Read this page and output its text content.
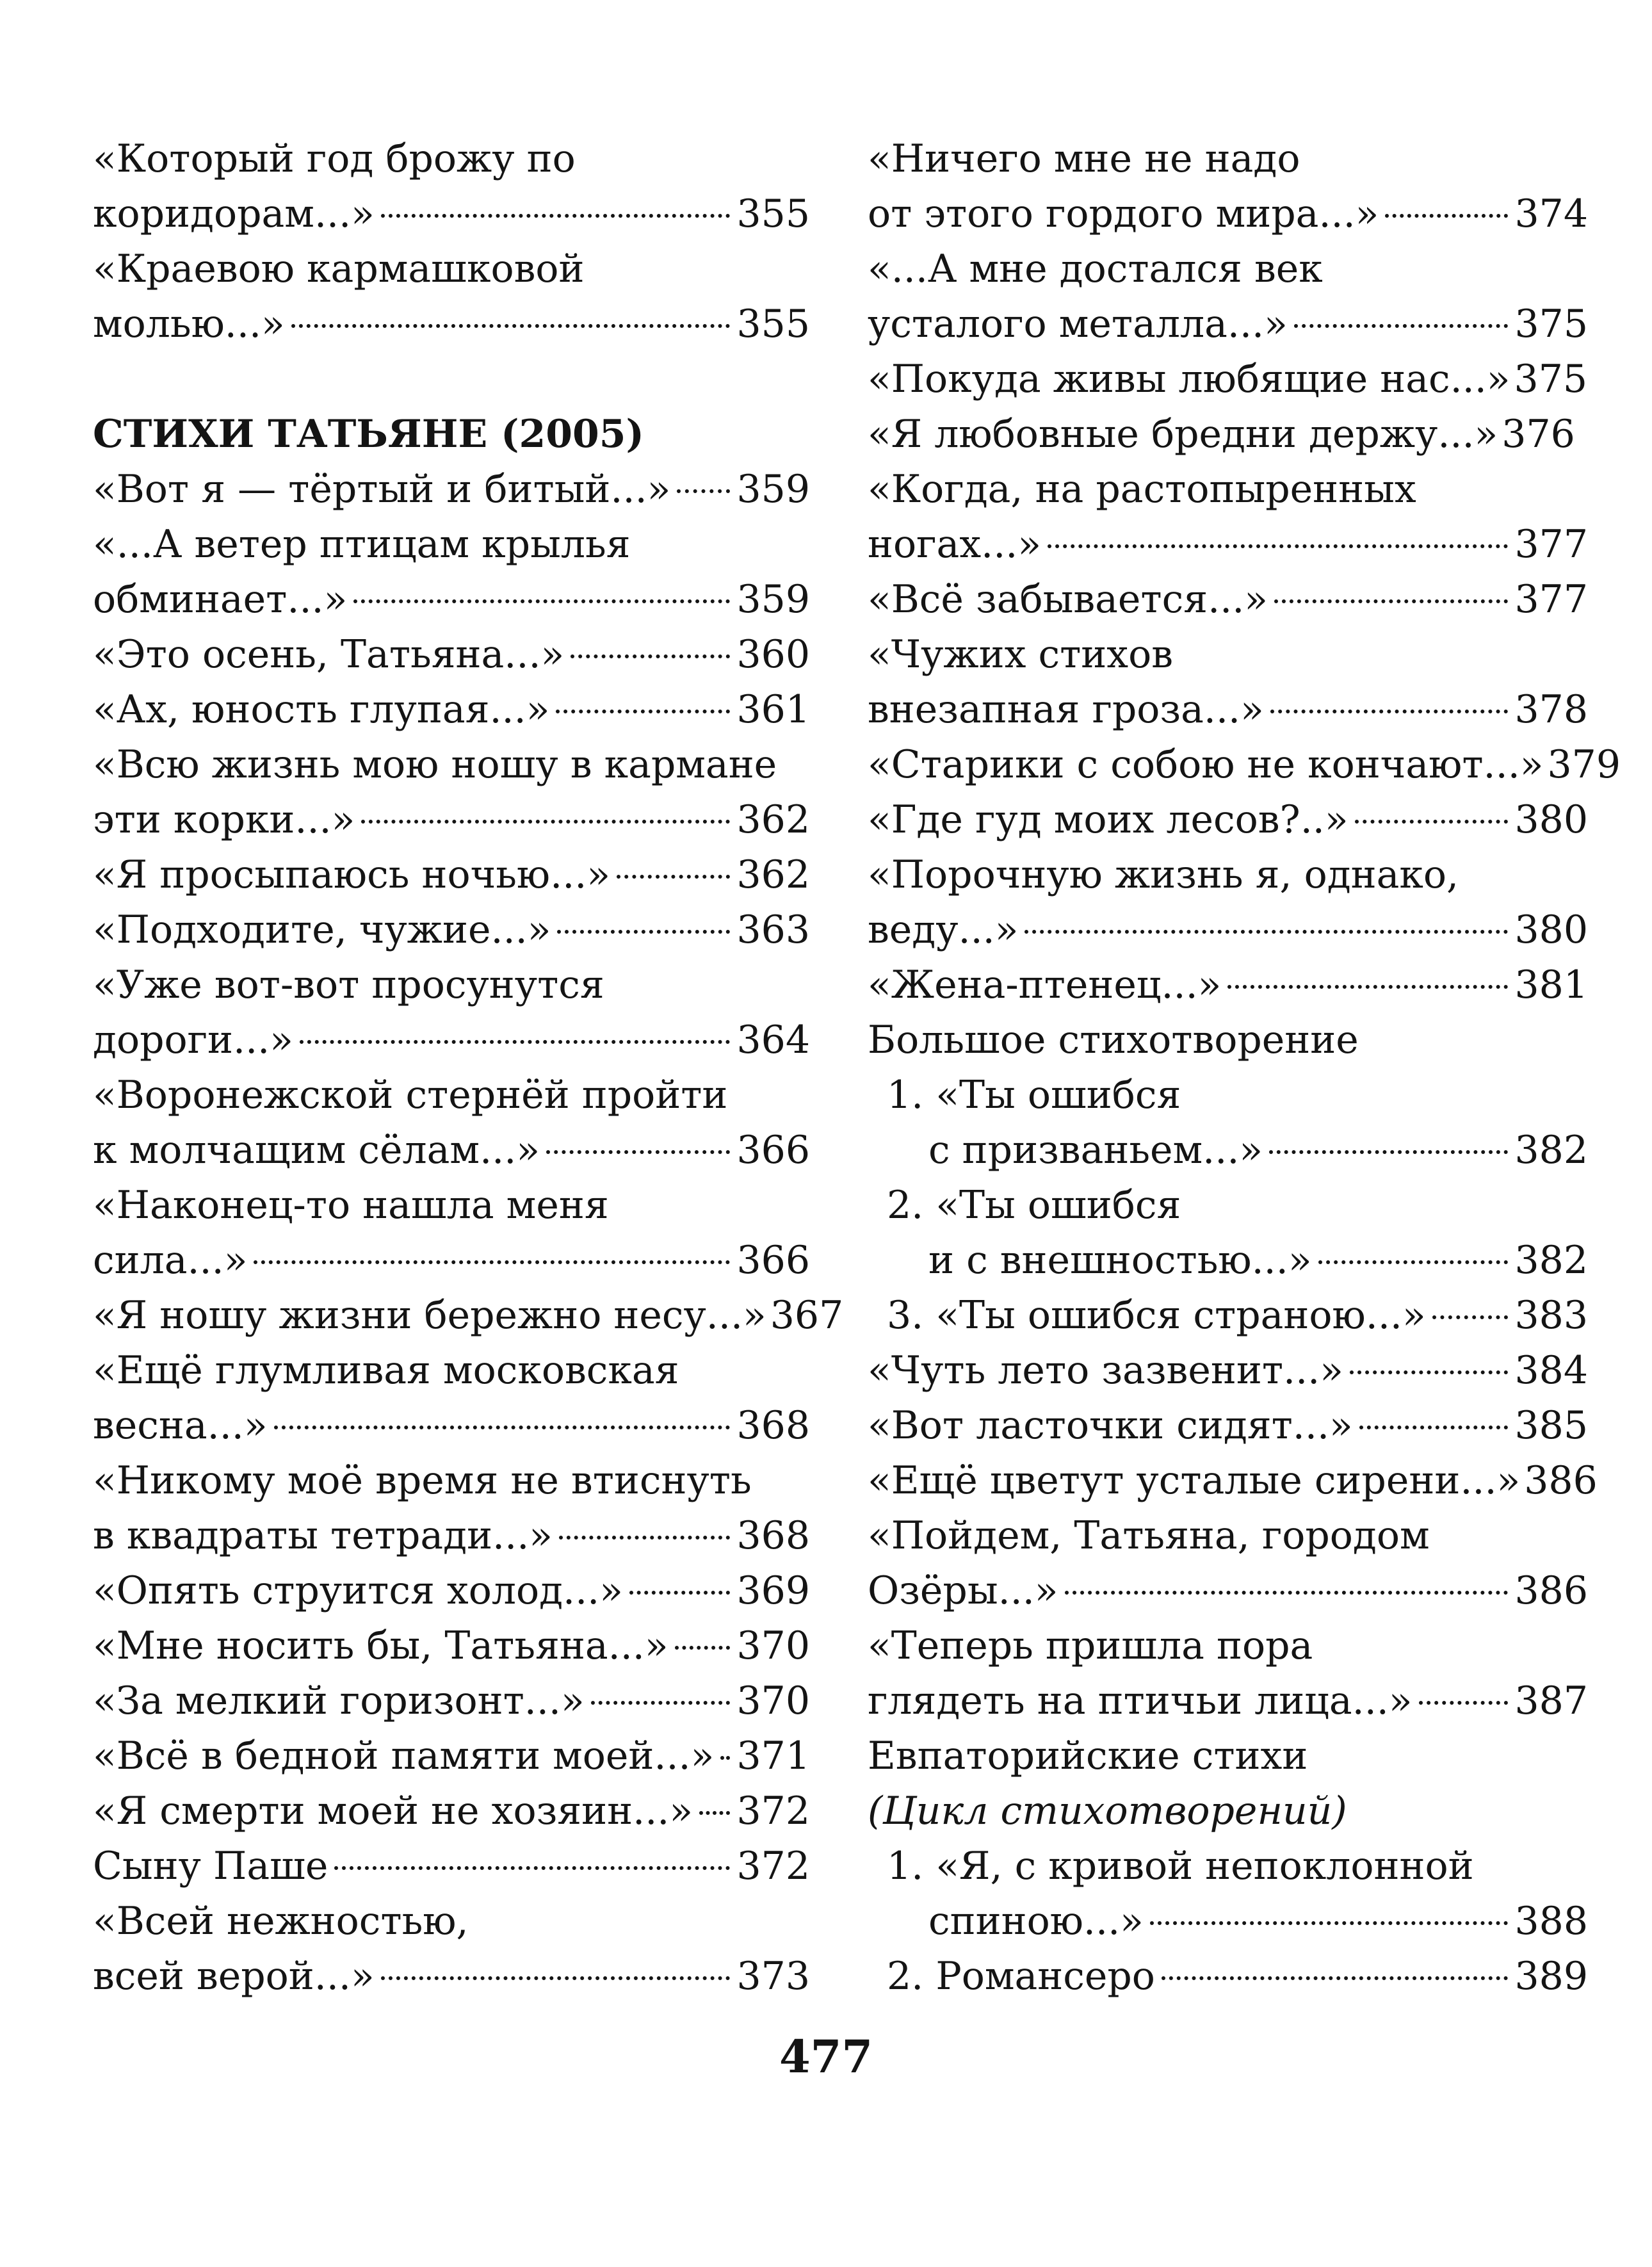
«Который год брожу по
коридорам...»	355
«Краевою кармашковой
молью...»	355
СТИХИ ТАТЬЯНЕ (2005)
«Вот я — тёртый и битый...» 359
«...А ветер птицам крылья
обминает...»	359
«Это осень, Татьяна...»	360
«Ах, юность глупая...»	361
«Всю жизнь мою ношу в кармане
эти корки...»	362
«Я просыпаюсь ночью...»	362
«Подходите, чужие...»	363
«Уже вот-вот просунутся
дороги...»	364
«Воронежской стернёй пройти
к молчащим сёлам...»	366
«Наконец-то нашла меня
сила...»	366
«Я ношу жизни бережно несу...» 367
«Ещё глумливая московская
весна...»	368
«Никому моё время не втиснуть
в квадраты тетради...»	368
«Опять струится холод...»	369
«Мне носить бы, Татьяна...» 370
«За мелкий горизонт...»	370
«Всё в бедной памяти моей...» 371
«Я смерти моей не хозяин...» 372
Сыну Паше	372
«Всей нежностью,
всей верой...»	373
«Ничего мне не надо
от этого гордого мира...»	374
«...А мне достался век
усталого металла...»	375
«Покуда живы любящие нас...» 375
«Я любовные бредни держу...» 376
«Когда, на растопыренных
ногах...»	377
«Всё забывается...»	377
«Чужих стихов
внезапная гроза...»	378
«Старики с собою не кончают...» 379
«Где гуд моих лесов?..»	380
«Порочную жизнь я, однако,
веду...»	380
«Жена-птенец...»	381
Большое стихотворение
1. «Ты ошибся
с призваньем...»	382
2. «Ты ошибся
и с внешностью...»	382
3. «Ты ошибся страною...» 383
«Чуть лето зазвенит...»	384
«Вот ласточки сидят...»	385
«Ещё цветут усталые сирени...» 386
«Пойдем, Татьяна, городом
Озёры...»	386
«Теперь пришла пора
глядеть на птичьи лица...»	387
Евпаторийские стихи
(Цикл стихотворений)
1. «Я, с кривой непоклонной
спиною...»	388
2. Романсеро	389
477
